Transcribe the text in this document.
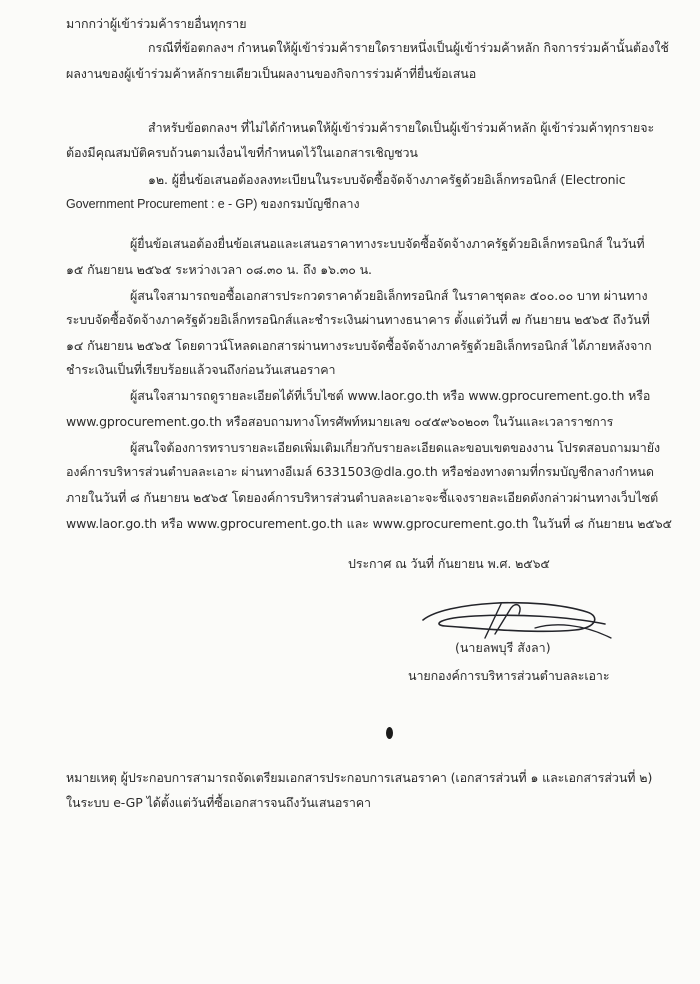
มากกว่าผู้เข้าร่วมค้ารายอื่นทุกราย
กรณีที่ข้อตกลงฯ กำหนดให้ผู้เข้าร่วมค้ารายใดรายหนึ่งเป็นผู้เข้าร่วมค้าหลัก กิจการร่วมค้านั้นต้องใช้
ผลงานของผู้เข้าร่วมค้าหลักรายเดียวเป็นผลงานของกิจการร่วมค้าที่ยื่นข้อเสนอ
สำหรับข้อตกลงฯ ที่ไม่ได้กำหนดให้ผู้เข้าร่วมค้ารายใดเป็นผู้เข้าร่วมค้าหลัก ผู้เข้าร่วมค้าทุกรายจะ
ต้องมีคุณสมบัติครบถ้วนตามเงื่อนไขที่กำหนดไว้ในเอกสารเชิญชวน
๑๒. ผู้ยื่นข้อเสนอต้องลงทะเบียนในระบบจัดซื้อจัดจ้างภาครัฐด้วยอิเล็กทรอนิกส์ (Electronic
Government Procurement : e - GP) ของกรมบัญชีกลาง
ผู้ยื่นข้อเสนอต้องยื่นข้อเสนอและเสนอราคาทางระบบจัดซื้อจัดจ้างภาครัฐด้วยอิเล็กทรอนิกส์ ในวันที่
๑๕ กันยายน ๒๕๖๕ ระหว่างเวลา ๐๘.๓๐ น. ถึง ๑๖.๓๐ น.
ผู้สนใจสามารถขอซื้อเอกสารประกวดราคาด้วยอิเล็กทรอนิกส์ ในราคาชุดละ ๕๐๐.๐๐ บาท ผ่านทาง
ระบบจัดซื้อจัดจ้างภาครัฐด้วยอิเล็กทรอนิกส์และชำระเงินผ่านทางธนาคาร ตั้งแต่วันที่ ๗ กันยายน ๒๕๖๕ ถึงวันที่
๑๔ กันยายน ๒๕๖๕ โดยดาวน์โหลดเอกสารผ่านทางระบบจัดซื้อจัดจ้างภาครัฐด้วยอิเล็กทรอนิกส์ ได้ภายหลังจาก
ชำระเงินเป็นที่เรียบร้อยแล้วจนถึงก่อนวันเสนอราคา
ผู้สนใจสามารถดูรายละเอียดได้ที่เว็บไซต์ www.laor.go.th หรือ www.gprocurement.go.th หรือ
www.gprocurement.go.th หรือสอบถามทางโทรศัพท์หมายเลข ๐๔๕๙๖๐๒๐๓ ในวันและเวลาราชการ
ผู้สนใจต้องการทราบรายละเอียดเพิ่มเติมเกี่ยวกับรายละเอียดและขอบเขตของงาน โปรดสอบถามมายัง
องค์การบริหารส่วนตำบลละเอาะ ผ่านทางอีเมล์ 6331503@dla.go.th หรือช่องทางตามที่กรมบัญชีกลางกำหนด
ภายในวันที่ ๘ กันยายน ๒๕๖๕ โดยองค์การบริหารส่วนตำบลละเอาะจะชี้แจงรายละเอียดดังกล่าวผ่านทางเว็บไซต์
www.laor.go.th หรือ www.gprocurement.go.th และ www.gprocurement.go.th ในวันที่ ๘ กันยายน ๒๕๖๕
ประกาศ ณ วันที่ กันยายน พ.ศ. ๒๕๖๕
(นายลพบุรี สังลา)
นายกองค์การบริหารส่วนตำบลละเอาะ
หมายเหตุ ผู้ประกอบการสามารถจัดเตรียมเอกสารประกอบการเสนอราคา (เอกสารส่วนที่ ๑ และเอกสารส่วนที่ ๒)
ในระบบ e-GP ได้ตั้งแต่วันที่ซื้อเอกสารจนถึงวันเสนอราคา
